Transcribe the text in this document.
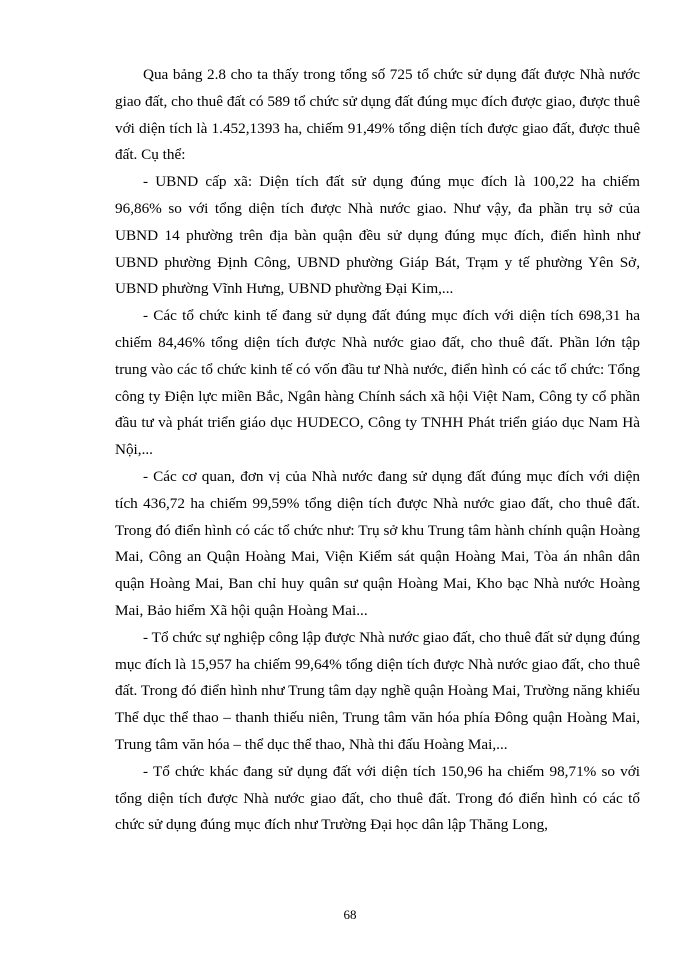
Qua bảng 2.8 cho ta thấy trong tổng số 725 tổ chức sử dụng đất được Nhà nước giao đất, cho thuê đất có 589 tổ chức sử dụng đất đúng mục đích được giao, được thuê với diện tích là 1.452,1393 ha, chiếm 91,49% tổng diện tích được giao đất, được thuê đất. Cụ thể:

- UBND cấp xã: Diện tích đất sử dụng đúng mục đích là 100,22 ha chiếm 96,86% so với tổng diện tích được Nhà nước giao. Như vậy, đa phần trụ sở của UBND 14 phường trên địa bàn quận đều sử dụng đúng mục đích, điển hình như UBND phường Định Công, UBND phường Giáp Bát, Trạm y tế phường Yên Sở, UBND phường Vĩnh Hưng, UBND phường Đại Kim,...

- Các tổ chức kinh tế đang sử dụng đất đúng mục đích với diện tích 698,31 ha chiếm 84,46% tổng diện tích được Nhà nước giao đất, cho thuê đất. Phần lớn tập trung vào các tổ chức kinh tế có vốn đầu tư Nhà nước, điển hình có các tổ chức: Tổng công ty Điện lực miền Bắc, Ngân hàng Chính sách xã hội Việt Nam, Công ty cổ phần đầu tư và phát triển giáo dục HUDECO, Công ty TNHH Phát triển giáo dục Nam Hà Nội,...

- Các cơ quan, đơn vị của Nhà nước đang sử dụng đất đúng mục đích với diện tích 436,72 ha chiếm 99,59% tổng diện tích được Nhà nước giao đất, cho thuê đất. Trong đó điển hình có các tổ chức như: Trụ sở khu Trung tâm hành chính quận Hoàng Mai, Công an Quận Hoàng Mai, Viện Kiểm sát quận Hoàng Mai, Tòa án nhân dân quận Hoàng Mai, Ban chỉ huy quân sư quận Hoàng Mai, Kho bạc Nhà nước Hoàng Mai, Bảo hiểm Xã hội quận Hoàng Mai...

- Tổ chức sự nghiệp công lập được Nhà nước giao đất, cho thuê đất sử dụng đúng mục đích là 15,957 ha chiếm 99,64% tổng diện tích được Nhà nước giao đất, cho thuê đất. Trong đó điển hình như Trung tâm dạy nghề quận Hoàng Mai, Trường năng khiếu Thể dục thể thao – thanh thiếu niên, Trung tâm văn hóa phía Đông quận Hoàng Mai, Trung tâm văn hóa – thể dục thể thao, Nhà thi đấu Hoàng Mai,...

- Tổ chức khác đang sử dụng đất với diện tích 150,96 ha chiếm 98,71% so với tổng diện tích được Nhà nước giao đất, cho thuê đất. Trong đó điển hình có các tổ chức sử dụng đúng mục đích như Trường Đại học dân lập Thăng Long,

68
